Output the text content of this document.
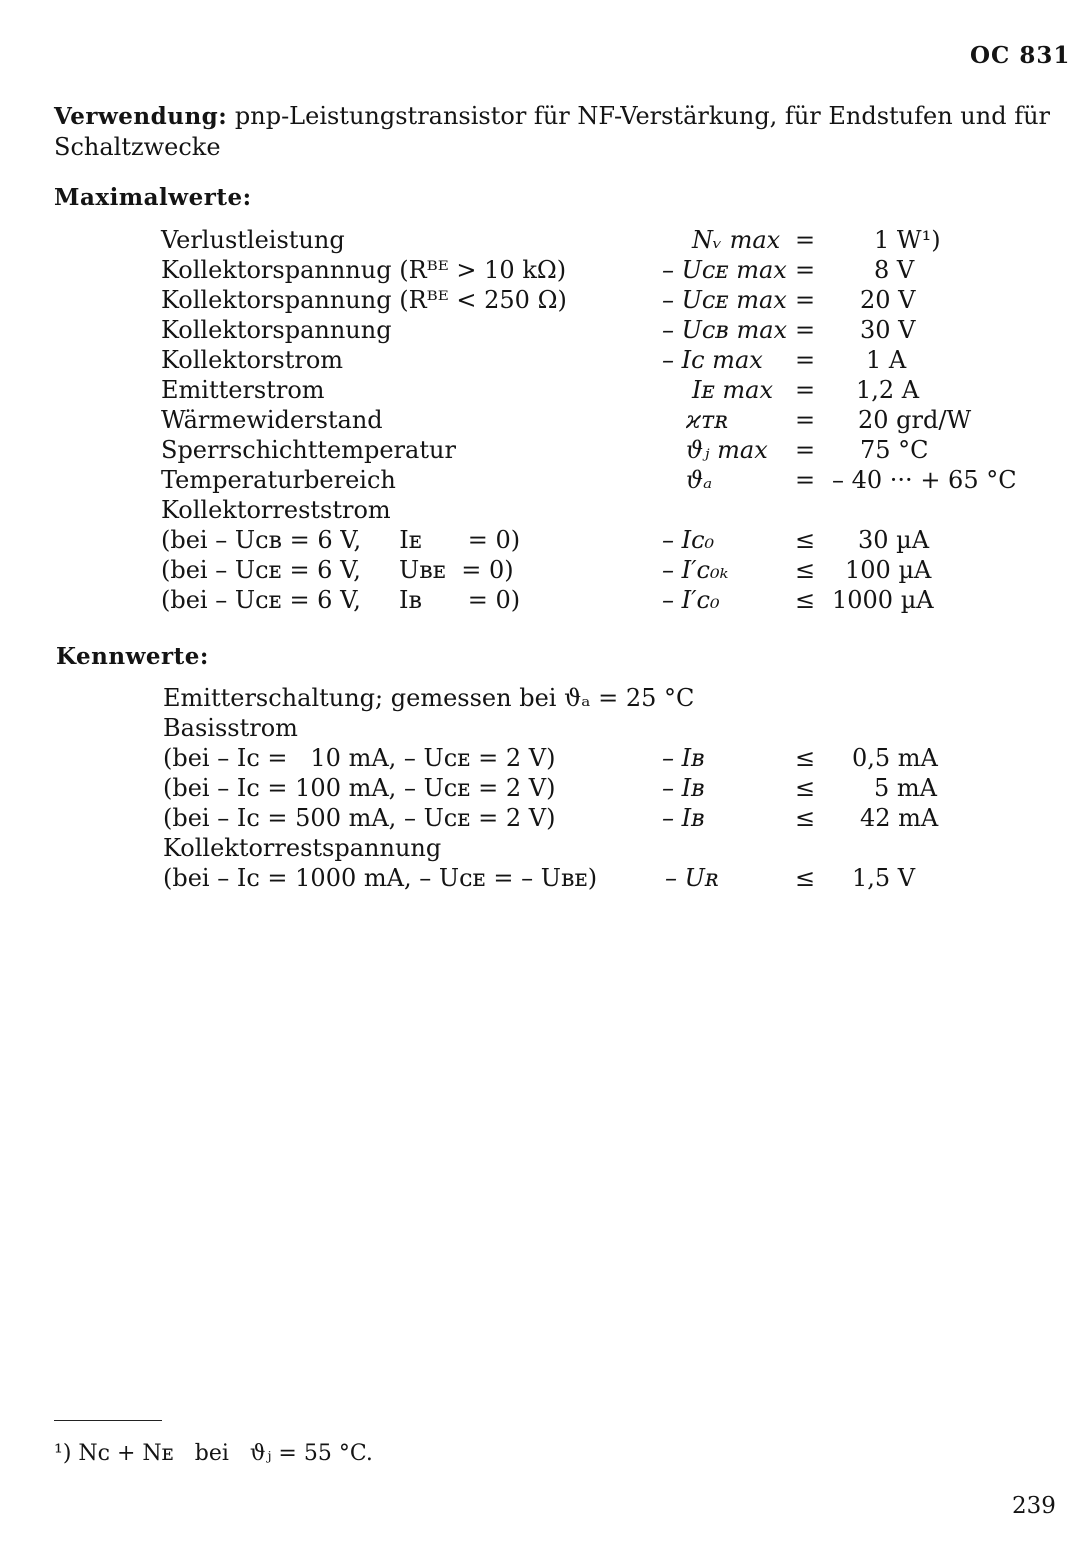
OC 831
Verwendung: pnp-Leistungstransistor für NF-Verstärkung, für Endstufen und für
Schaltzwecke
Maximalwerte:
Verlustleistung	Nᵥ max = 1 W¹)
Kollektorspannnug (Rᴮᴱ > 10 kΩ)	– Uᴄᴇ max = 8 V
Kollektorspannung (Rᴮᴱ < 250 Ω)	– Uᴄᴇ max = 20 V
Kollektorspannung	– Uᴄʙ max = 30 V
Kollektorstrom	– Iᴄ max = 1 A
Emitterstrom	Iᴇ max = 1,2 A
Wärmewiderstand	ϰᴛʀ	= 20 grd/W
Sperrschichttemperatur	ϑⱼ max = 75 °C
Temperaturbereich	ϑₐ	= – 40 ··· + 65 °C
Kollektorreststrom
(bei – Uᴄʙ = 6 V,     Iᴇ      = 0)	– Iᴄ₀	≤ 30 µA
(bei – Uᴄᴇ = 6 V,     Uʙᴇ  = 0)	– I′ᴄ₀ₖ	≤ 100 µA
(bei – Uᴄᴇ = 6 V,     Iʙ      = 0)	– I′ᴄ₀	≤ 1000 µA
Kennwerte:
Emitterschaltung; gemessen bei ϑₐ = 25 °C
Basisstrom
(bei – Iᴄ =   10 mA, – Uᴄᴇ = 2 V)	– Iʙ	≤ 0,5 mA
(bei – Iᴄ = 100 mA, – Uᴄᴇ = 2 V)	– Iʙ	≤ 5 mA
(bei – Iᴄ = 500 mA, – Uᴄᴇ = 2 V)	– Iʙ	≤ 42 mA
Kollektorrestspannung
(bei – Iᴄ = 1000 mA, – Uᴄᴇ = – Uʙᴇ)	– Uʀ	≤ 1,5 V
¹) Nᴄ + Nᴇ   bei   ϑⱼ = 55 °C.
239
